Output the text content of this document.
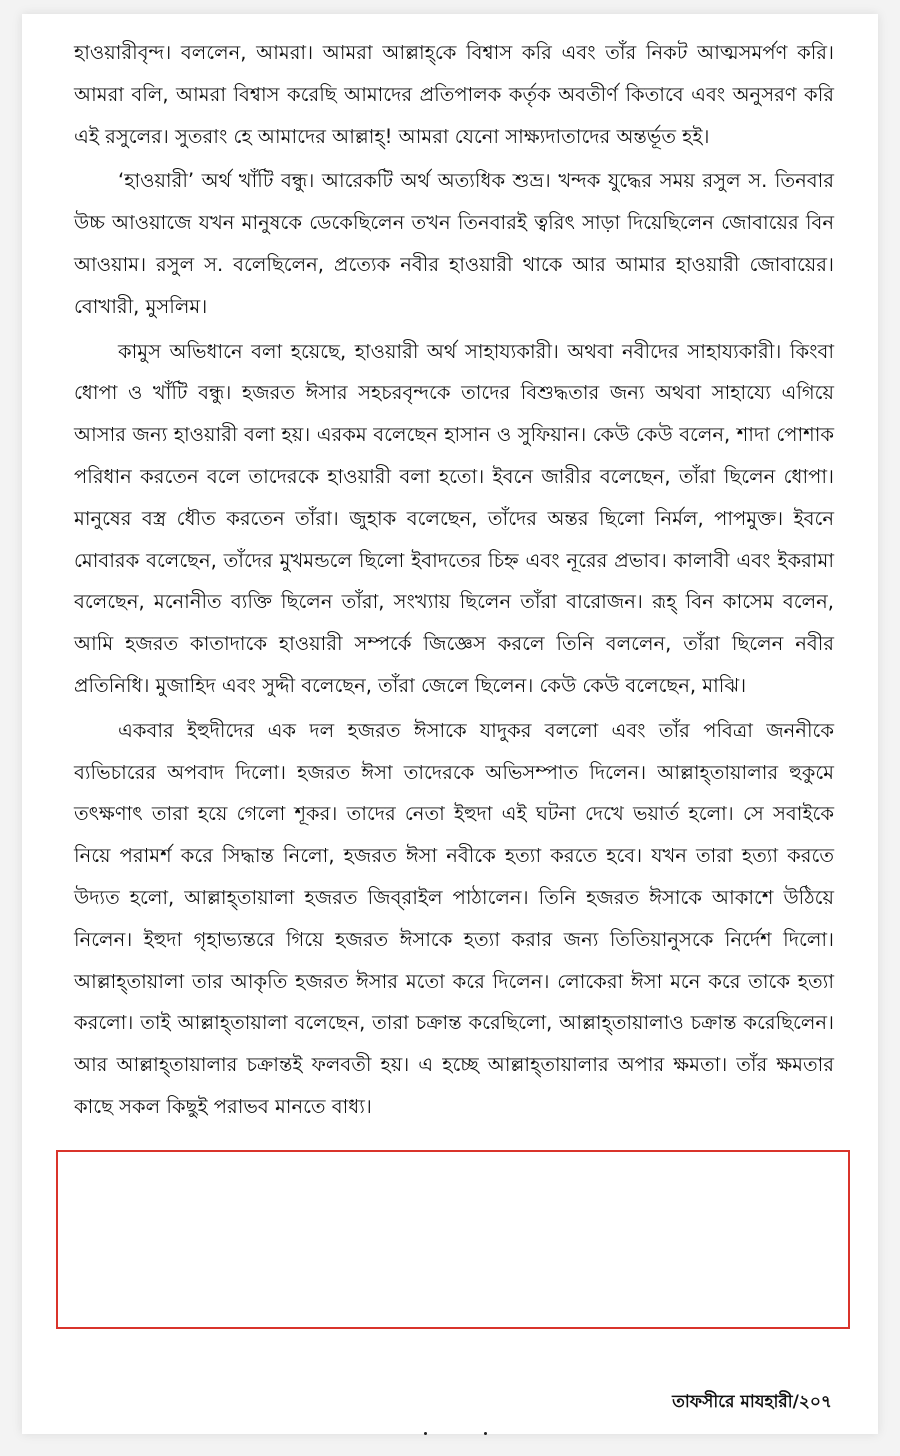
হাওয়ারীবৃন্দ। বললেন, আমরা। আমরা আল্লাহ্‌কে বিশ্বাস করি এবং তাঁর নিকট আত্মসমর্পণ করি। আমরা বলি, আমরা বিশ্বাস করেছি আমাদের প্রতিপালক কর্তৃক অবতীর্ণ কিতাবে এবং অনুসরণ করি এই রসুলের। সুতরাং হে আমাদের আল্লাহ্‌! আমরা যেনো সাক্ষ্যদাতাদের অন্তর্ভূত হই।

‘হাওয়ারী’ অর্থ খাঁটি বন্ধু। আরেকটি অর্থ অত্যধিক শুভ্র। খন্দক যুদ্ধের সময় রসুল স. তিনবার উচ্চ আওয়াজে যখন মানুষকে ডেকেছিলেন তখন তিনবারই ত্বরিৎ সাড়া দিয়েছিলেন জোবায়ের বিন আওয়াম। রসুল স. বলেছিলেন, প্রত্যেক নবীর হাওয়ারী থাকে আর আমার হাওয়ারী জোবায়ের। বোখারী, মুসলিম।

কামুস অভিধানে বলা হয়েছে, হাওয়ারী অর্থ সাহায্যকারী। অথবা নবীদের সাহায্যকারী। কিংবা ধোপা ও খাঁটি বন্ধু। হজরত ঈসার সহচরবৃন্দকে তাদের বিশুদ্ধতার জন্য অথবা সাহায্যে এগিয়ে আসার জন্য হাওয়ারী বলা হয়। এরকম বলেছেন হাসান ও সুফিয়ান। কেউ কেউ বলেন, শাদা পোশাক পরিধান করতেন বলে তাদেরকে হাওয়ারী বলা হতো। ইবনে জারীর বলেছেন, তাঁরা ছিলেন ধোপা। মানুষের বস্ত্র ধৌত করতেন তাঁরা। জুহাক বলেছেন, তাঁদের অন্তর ছিলো নির্মল, পাপমুক্ত। ইবনে মোবারক বলেছেন, তাঁদের মুখমন্ডলে ছিলো ইবাদতের চিহ্ন এবং নূরের প্রভাব। কালাবী এবং ইকরামা বলেছেন, মনোনীত ব্যক্তি ছিলেন তাঁরা, সংখ্যায় ছিলেন তাঁরা বারোজন। রূহ্‌ বিন কাসেম বলেন, আমি হজরত কাতাদাকে হাওয়ারী সম্পর্কে জিজ্ঞেস করলে তিনি বললেন, তাঁরা ছিলেন নবীর প্রতিনিধি। মুজাহিদ এবং সুদ্দী বলেছেন, তাঁরা জেলে ছিলেন। কেউ কেউ বলেছেন, মাঝি।

একবার ইহুদীদের এক দল হজরত ঈসাকে যাদুকর বললো এবং তাঁর পবিত্রা জননীকে ব্যভিচারের অপবাদ দিলো। হজরত ঈসা তাদেরকে অভিসম্পাত দিলেন। আল্লাহ্‌তায়ালার হুকুমে তৎক্ষণাৎ তারা হয়ে গেলো শূকর। তাদের নেতা ইহুদা এই ঘটনা দেখে ভয়ার্ত হলো। সে সবাইকে নিয়ে পরামর্শ করে সিদ্ধান্ত নিলো, হজরত ঈসা নবীকে হত্যা করতে হবে। যখন তারা হত্যা করতে উদ্যত হলো, আল্লাহ্‌তায়ালা হজরত জিব্‌রাইল পাঠালেন। তিনি হজরত ঈসাকে আকাশে উঠিয়ে নিলেন। ইহুদা গৃহাভ্যন্তরে গিয়ে হজরত ঈসাকে হত্যা করার জন্য তিতিয়ানুসকে নির্দেশ দিলো। আল্লাহ্‌তায়ালা তার আকৃতি হজরত ঈসার মতো করে দিলেন। লোকেরা ঈসা মনে করে তাকে হত্যা করলো। তাই আল্লাহ্‌তায়ালা বলেছেন, তারা চক্রান্ত করেছিলো, আল্লাহ্‌তায়ালাও চক্রান্ত করেছিলেন। আর আল্লাহ্‌তায়ালার চক্রান্তই ফলবতী হয়। এ হচ্ছে আল্লাহ্‌তায়ালার অপার ক্ষমতা। তাঁর ক্ষমতার কাছে সকল কিছুই পরাভব মানতে বাধ্য।

তাফসীরে মাযহারী/২০৭
